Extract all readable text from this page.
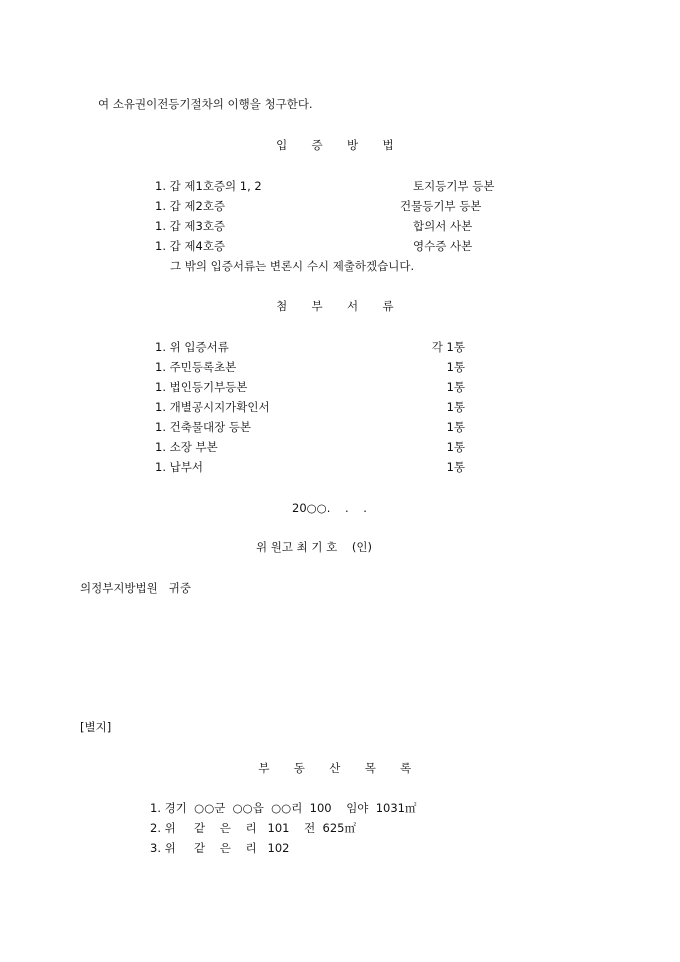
여 소유권이전등기절차의 이행을 청구한다.
입 증 방 법
1. 갑 제1호증의 1, 2	토지등기부 등본
1. 갑 제2호증	건물등기부 등본
1. 갑 제3호증	합의서 사본
1. 갑 제4호증	영수증 사본
그 밖의 입증서류는 변론시 수시 제출하겠습니다.
첨 부 서 류
1. 위 입증서류	각 1통
1. 주민등록초본	1통
1. 법인등기부등본	1통
1. 개별공시지가확인서	1통
1. 건축물대장 등본	1통
1. 소장 부본	1통
1. 납부서	1통
20○○.    .    .
위 원고 최 기 호    (인)
의정부지방법원   귀중
[별지]
부 동 산 목 록
1. 경기  ○○군  ○○읍  ○○리  100    임야  1031㎡
2. 위     같    은    리   101    전  625㎡
3. 위     같    은    리   102
